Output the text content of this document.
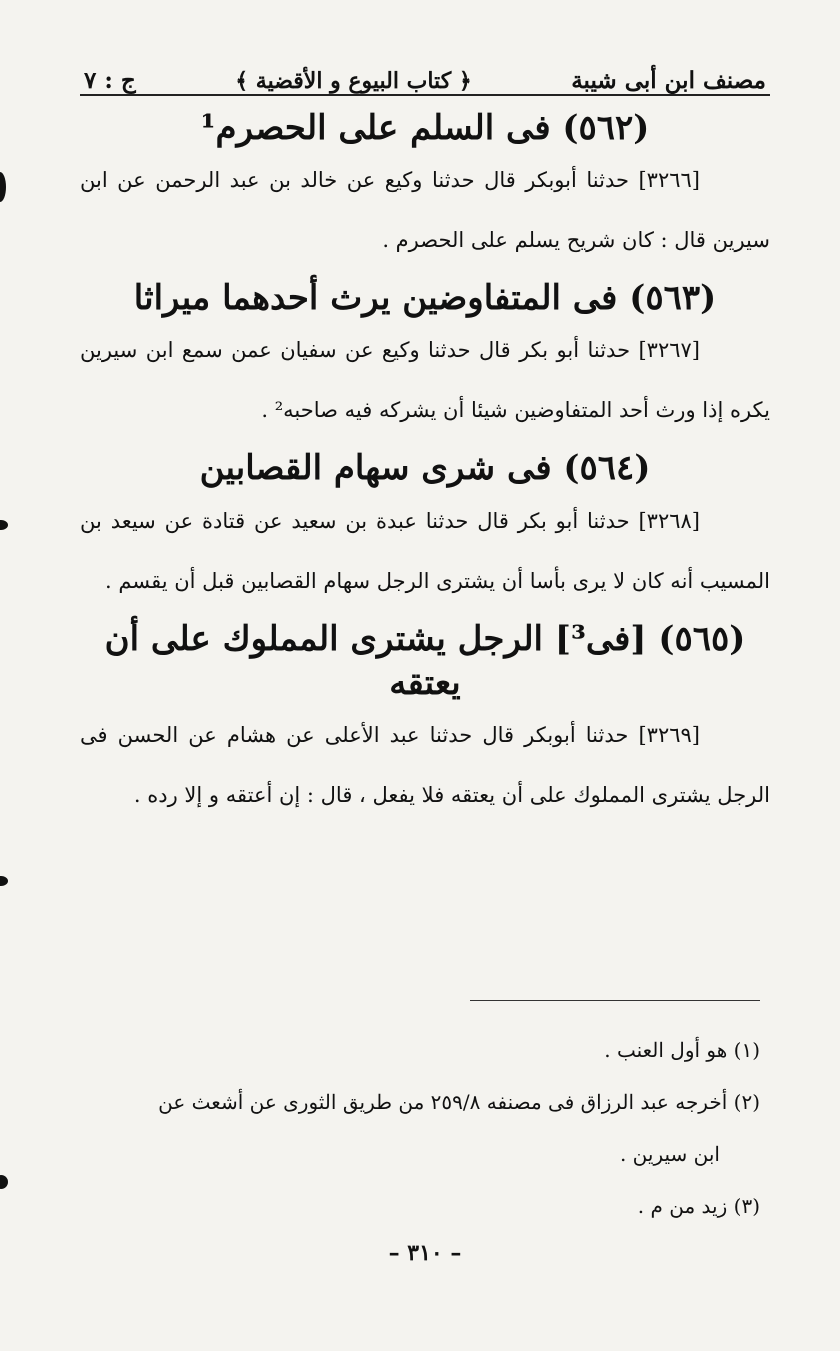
مصنف ابن أبى شيبة
﴿ كتاب البيوع و الأقضية ﴾
ج : ٧
(٥٦٢) فى السلم على الحصرم¹

[٣٢٦٦] حدثنا أبوبكر قال حدثنا وكيع عن خالد بن عبد الرحمن عن ابن سيرين قال : كان شريح يسلم على الحصرم .

(٥٦٣) فى المتفاوضين يرث أحدهما ميراثا

[٣٢٦٧] حدثنا أبو بكر قال حدثنا وكيع عن سفيان عمن سمع ابن سيرين يكره إذا ورث أحد المتفاوضين شيئا أن يشركه فيه صاحبه² .

(٥٦٤) فى شرى سهام القصابين

[٣٢٦٨] حدثنا أبو بكر قال حدثنا عبدة بن سعيد عن قتادة عن سيعد بن المسيب أنه كان لا يرى بأسا أن يشترى الرجل سهام القصابين قبل أن يقسم .

(٥٦٥) [فى³] الرجل يشترى المملوك على أن يعتقه

[٣٢٦٩] حدثنا أبوبكر قال حدثنا عبد الأعلى عن هشام عن الحسن فى الرجل يشترى المملوك على أن يعتقه فلا يفعل ، قال : إن أعتقه و إلا رده .

(١) هو أول العنب .

(٢) أخرجه عبد الرزاق فى مصنفه ٢٥٩/٨ من طريق الثورى عن أشعث عن

ابن سيرين .

(٣) زيد من م .

– ٣١٠ –
